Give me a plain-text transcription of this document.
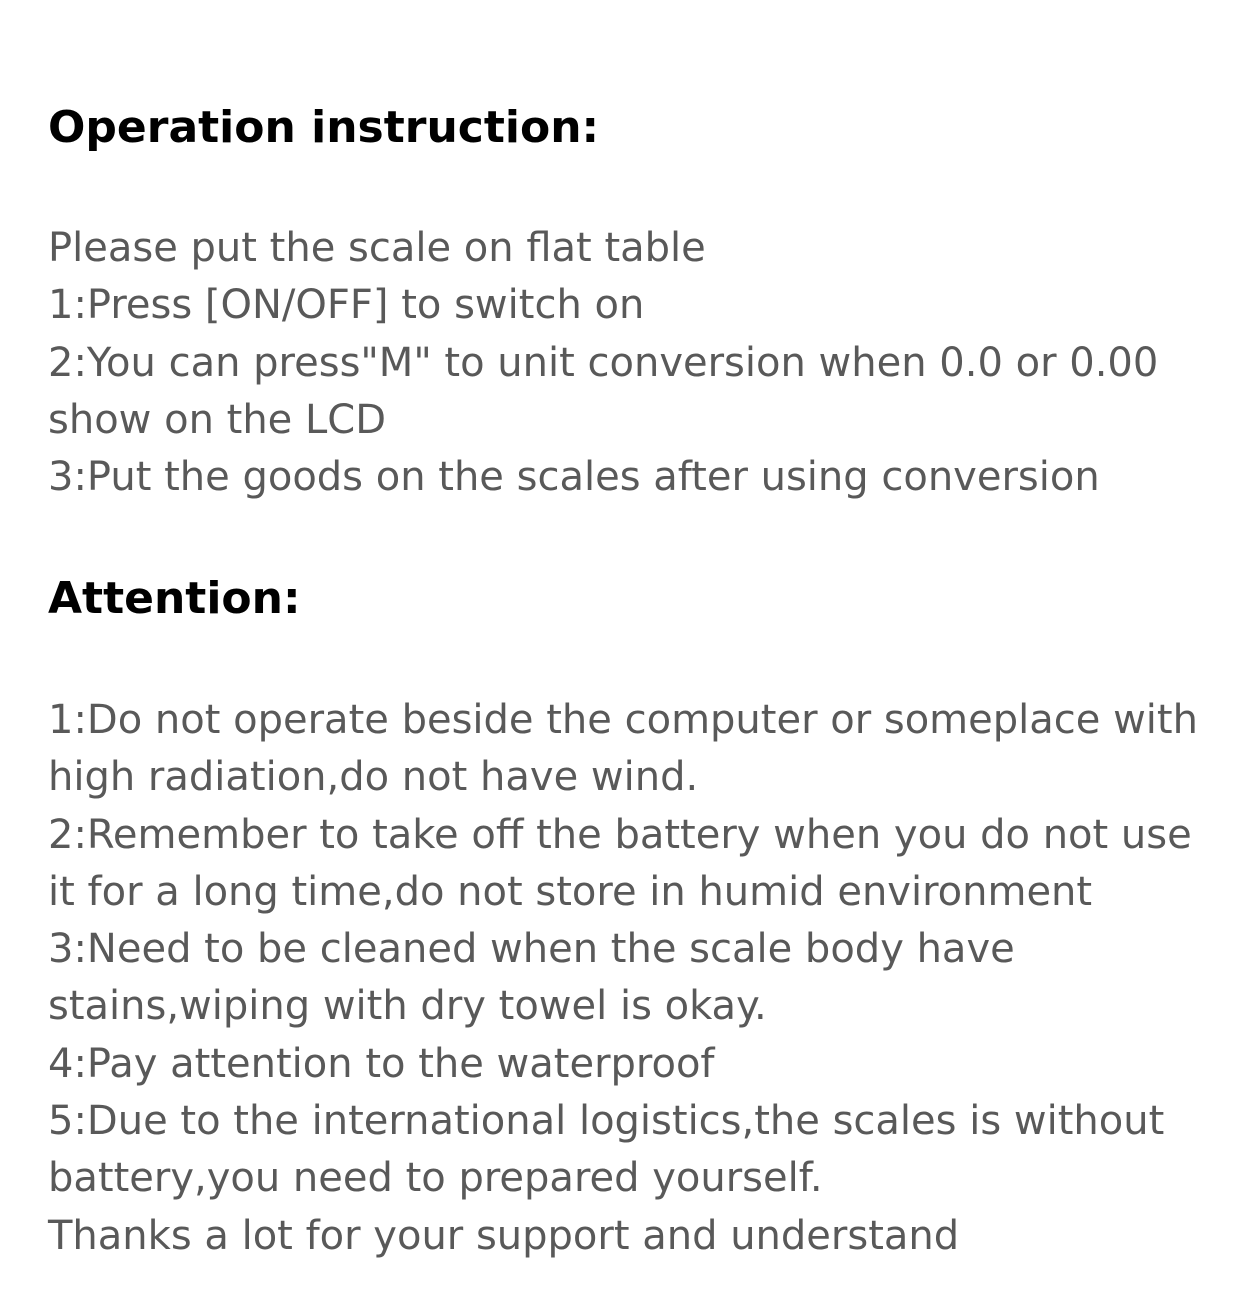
Operation instruction:
Please put the scale on flat table
1:Press [ON/OFF] to switch on
2:You can press"M" to unit conversion when 0.0 or 0.00
show on the LCD
3:Put the goods on the scales after using conversion
Attention:
1:Do not operate beside the computer or someplace with
high radiation,do not have wind.
2:Remember to take off the battery when you do not use
it for a long time,do not store in humid environment
3:Need to be cleaned when the scale body have
stains,wiping with dry towel is okay.
4:Pay attention to the waterproof
5:Due to the international logistics,the scales is without
battery,you need to prepared yourself.
Thanks a lot for your support and understand
